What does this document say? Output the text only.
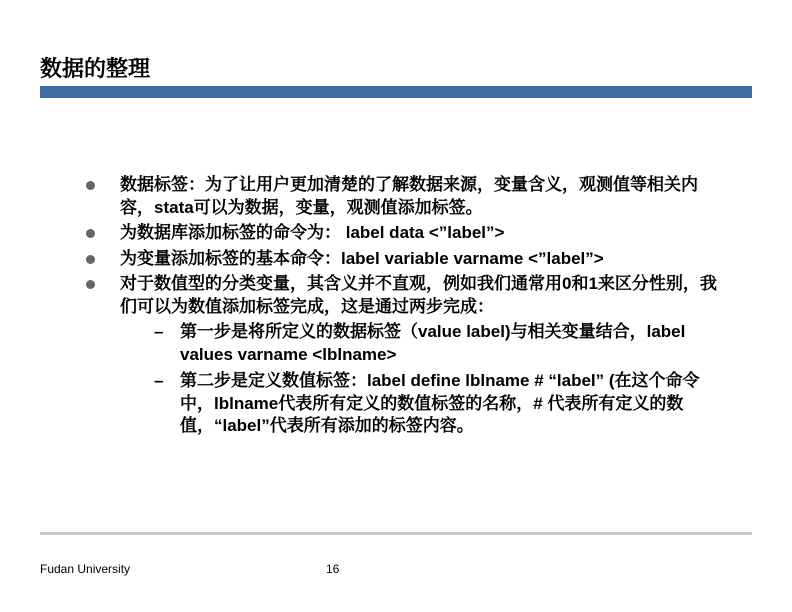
数据的整理
数据标签：为了让用户更加清楚的了解数据来源，变量含义，观测值等相关内容，stata可以为数据，变量，观测值添加标签。
为数据库添加标签的命令为： label data <”label”>
为变量添加标签的基本命令：label variable varname <”label”>
对于数值型的分类变量，其含义并不直观，例如我们通常用0和1来区分性别，我们可以为数值添加标签完成，这是通过两步完成：
– 第一步是将所定义的数据标签（value label)与相关变量结合，label values varname <lblname>
– 第二步是定义数值标签：label define lblname # “label” (在这个命令中，lblname代表所有定义的数值标签的名称，# 代表所有定义的数值，“label”代表所有添加的标签内容。
Fudan University	16
